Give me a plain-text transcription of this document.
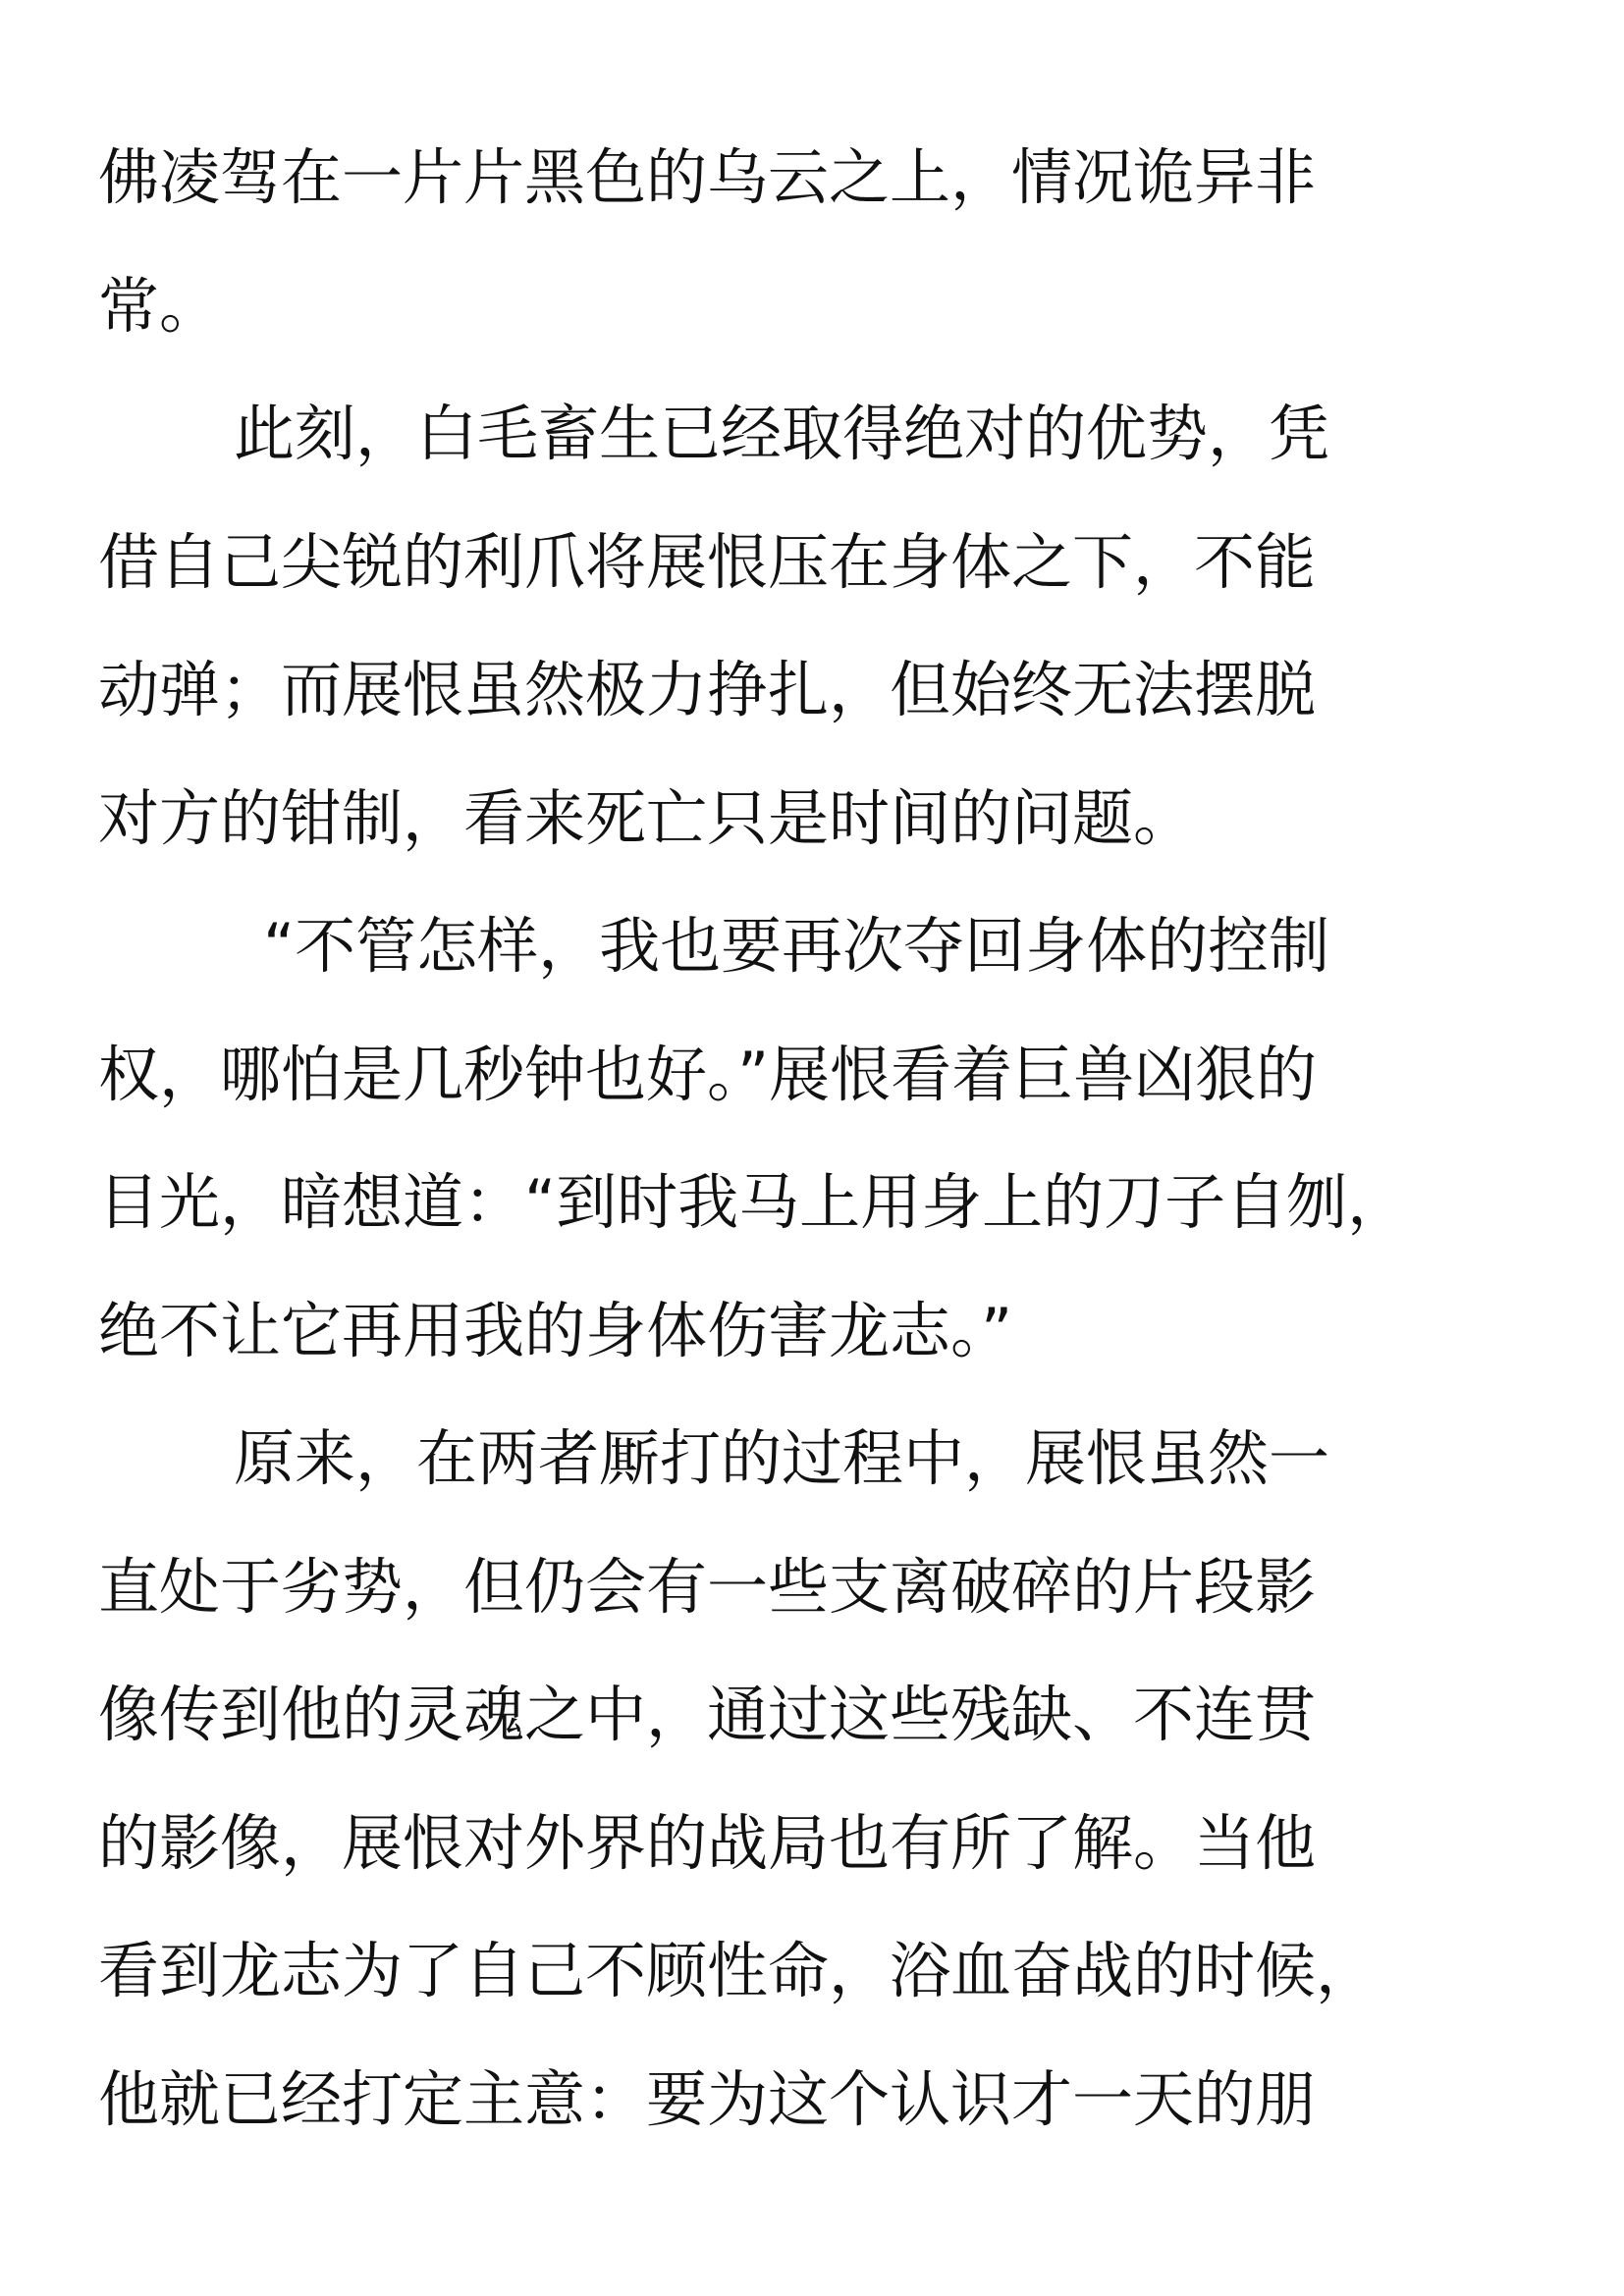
佛凌驾在一片片黑色的乌云之上，情况诡异非
常。
此刻，白毛畜生已经取得绝对的优势，凭
借自己尖锐的利爪将展恨压在身体之下，不能
动弹；而展恨虽然极力挣扎，但始终无法摆脱
对方的钳制，看来死亡只是时间的问题。
“不管怎样，我也要再次夺回身体的控制
权，哪怕是几秒钟也好。”展恨看着巨兽凶狠的
目光，暗想道：“到时我马上用身上的刀子自刎，
绝不让它再用我的身体伤害龙志。”
原来，在两者厮打的过程中，展恨虽然一
直处于劣势，但仍会有一些支离破碎的片段影
像传到他的灵魂之中，通过这些残缺、不连贯
的影像，展恨对外界的战局也有所了解。当他
看到龙志为了自己不顾性命，浴血奋战的时候，
他就已经打定主意：要为这个认识才一天的朋
